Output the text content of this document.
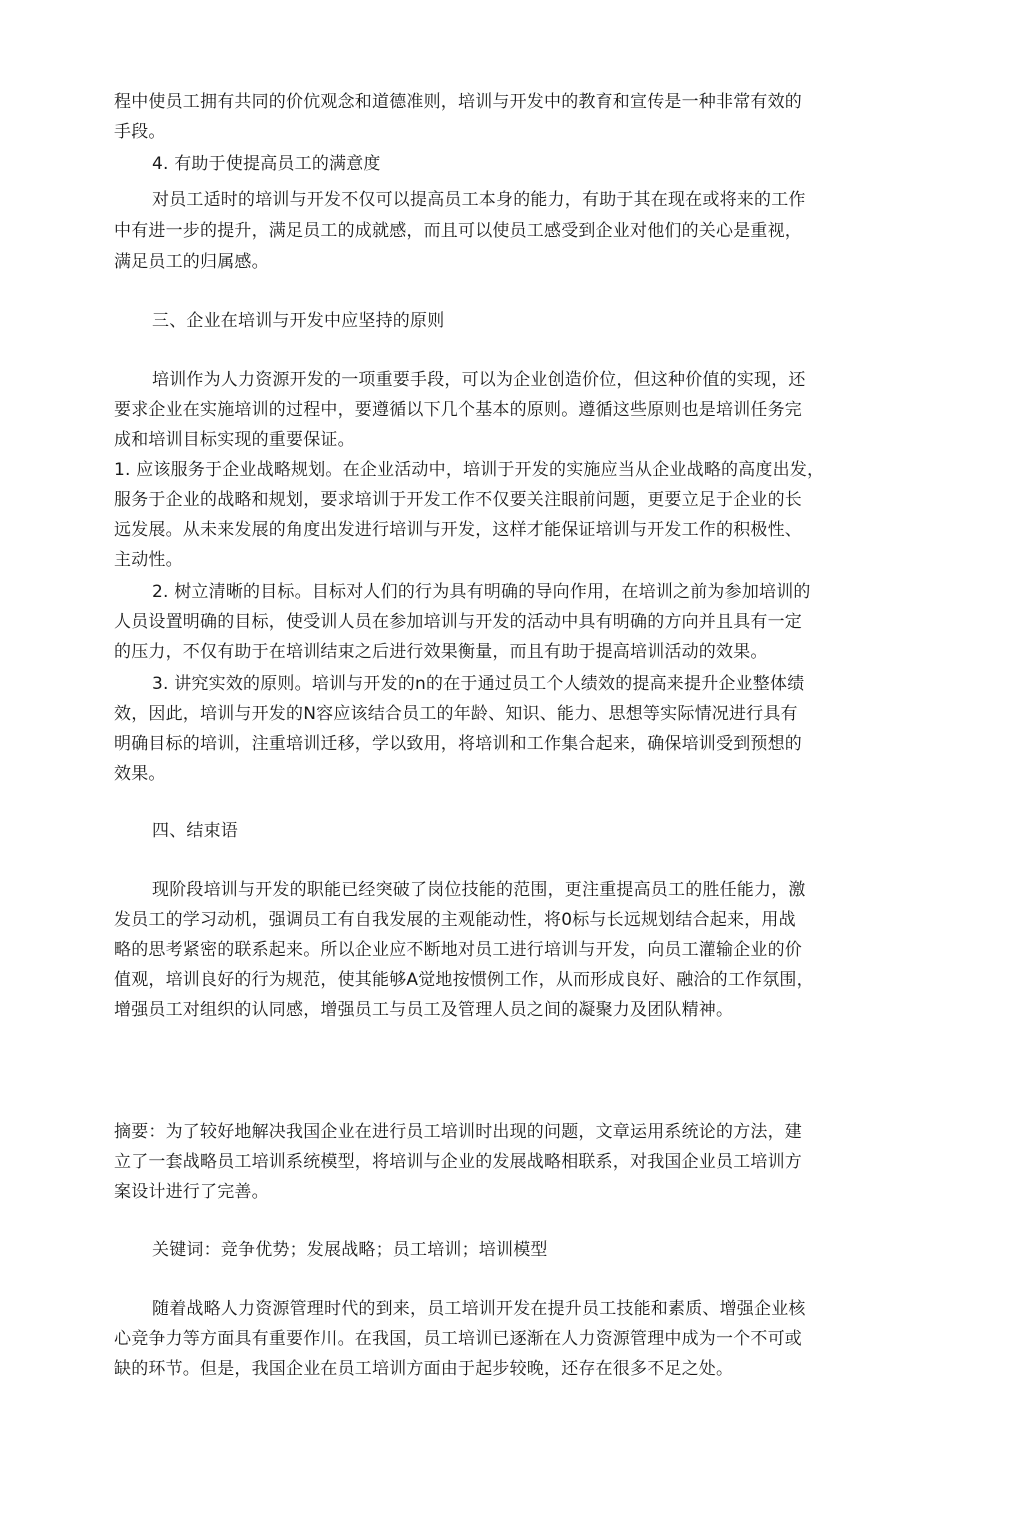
程中使员工拥有共同的价伉观念和道德准则，培训与开发中的教育和宣传是一种非常有效的
手段。
4. 有助于使提高员工的满意度
对员工适时的培训与开发不仅可以提高员工本身的能力，有助于其在现在或将来的工作
中有进一步的提升，满足员工的成就感，而且可以使员工感受到企业对他们的关心是重视，
满足员工的归属感。
三、企业在培训与开发中应坚持的原则
培训作为人力资源开发的一项重要手段，可以为企业创造价位，但这种价值的实现，还
要求企业在实施培训的过程中，要遵循以下几个基本的原则。遵循这些原则也是培训任务完
成和培训目标实现的重要保证。
1. 应该服务于企业战略规划。在企业活动中，培训于开发的实施应当从企业战略的高度出发，
服务于企业的战略和规划，要求培训于开发工作不仅要关注眼前问题，更要立足于企业的长
远发展。从未来发展的角度出发进行培训与开发，这样才能保证培训与开发工作的积极性、
主动性。
2. 树立清晰的目标。目标对人们的行为具有明确的导向作用，在培训之前为参加培训的
人员设置明确的目标，使受训人员在参加培训与开发的活动中具有明确的方向并且具有一定
的压力，不仅有助于在培训结束之后进行效果衡量，而且有助于提高培训活动的效果。
3. 讲究实效的原则。培训与开发的n的在于通过员工个人绩效的提高来提升企业整体绩
效，因此，培训与开发的N容应该结合员工的年龄、知识、能力、思想等实际情况进行具有
明确目标的培训，注重培训迁移，学以致用，将培训和工作集合起来，确保培训受到预想的
效果。
四、结束语
现阶段培训与开发的职能已经突破了岗位技能的范围，更注重提高员工的胜任能力，激
发员工的学习动机，强调员工有自我发展的主观能动性，将0标与长远规划结合起来，用战
略的思考紧密的联系起来。所以企业应不断地对员工进行培训与开发，向员工灌输企业的价
值观，培训良好的行为规范，使其能够A觉地按惯例工作，从而形成良好、融洽的工作氛围，
增强员工对组织的认同感，增强员工与员工及管理人员之间的凝聚力及团队精神。
摘要：为了较好地解决我国企业在进行员工培训时出现的问题，文章运用系统论的方法，建
立了一套战略员工培训系统模型，将培训与企业的发展战略相联系，对我国企业员工培训方
案设计进行了完善。
关键词：竞争优势；发展战略；员工培训；培训模型
随着战略人力资源管理时代的到来，员工培训开发在提升员工技能和素质、增强企业核
心竞争力等方面具有重要作川。在我国，员工培训已逐渐在人力资源管理中成为一个不可或
缺的环节。但是，我国企业在员工培训方面由于起步较晚，还存在很多不足之处。
